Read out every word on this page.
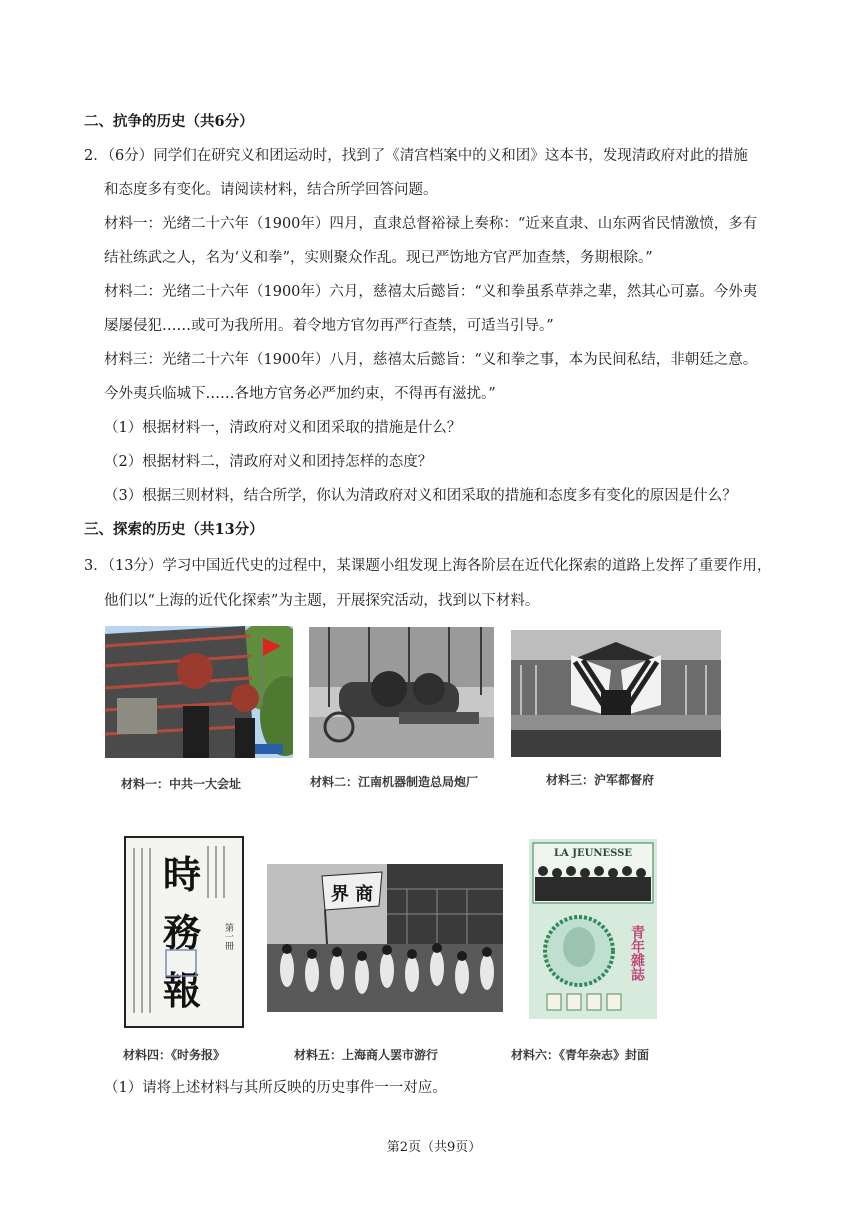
二、抗争的历史（共6分）
2．（6分）同学们在研究义和团运动时，找到了《清宫档案中的义和团》这本书，发现清政府对此的措施
和态度多有变化。请阅读材料，结合所学回答问题。
材料一：光绪二十六年（1900年）四月，直隶总督裕禄上奏称：“近来直隶、山东两省民情激愤，多有
结社练武之人，名为‘义和拳”，实则聚众作乱。现已严饬地方官严加查禁，务期根除。”
材料二：光绪二十六年（1900年）六月，慈禧太后懿旨：“义和拳虽系草莽之辈，然其心可嘉。今外夷
屡屡侵犯……或可为我所用。着令地方官勿再严行查禁，可适当引导。”
材料三：光绪二十六年（1900年）八月，慈禧太后懿旨：“义和拳之事，本为民间私结，非朝廷之意。
今外夷兵临城下……各地方官务必严加约束，不得再有滋扰。”
（1）根据材料一，清政府对义和团采取的措施是什么？
（2）根据材料二，清政府对义和团持怎样的态度？
（3）根据三则材料，结合所学，你认为清政府对义和团采取的措施和态度多有变化的原因是什么？
三、探索的历史（共13分）
3．（13分）学习中国近代史的过程中，某课题小组发现上海各阶层在近代化探索的道路上发挥了重要作用，
他们以“上海的近代化探索”为主题，开展探究活动，找到以下材料。
材料一：中共一大会址	材料二：江南机器制造总局炮厂	材料三：沪军都督府
時
務
報
第一冊
界 商
LA JEUNESSE
青年雜誌
材料四：《时务报》	材料五：上海商人罢市游行	材料六：《青年杂志》封面
（1）请将上述材料与其所反映的历史事件一一对应。
第2页（共9页）
